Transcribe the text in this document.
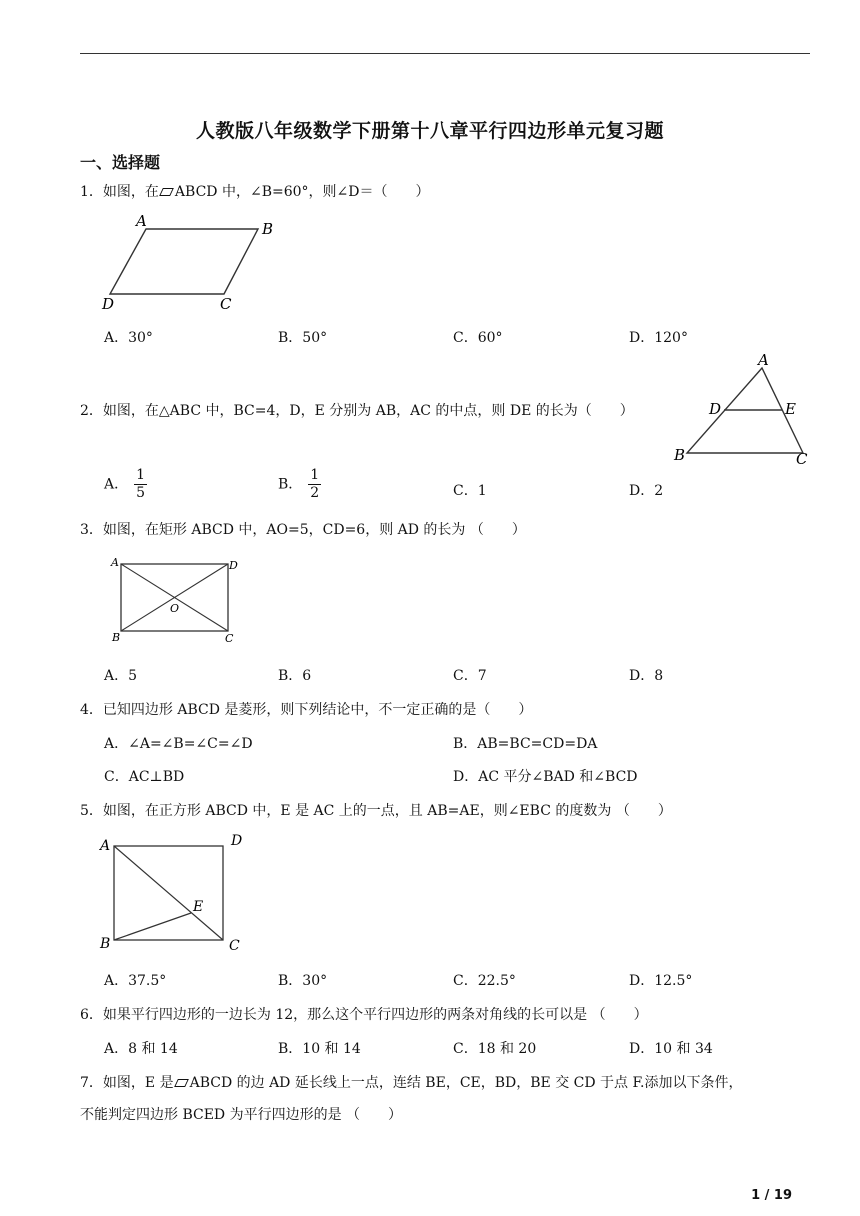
人教版八年级数学下册第十八章平行四边形单元复习题
一、选择题
1．如图，在 ABCD 中，∠B=60°，则∠D＝（　　）
A	B
C
D
A．30°	B．50°	C．60°	D．120°
2．如图，在△ABC 中，BC=4，D，E 分别为 AB，AC 的中点，则 DE 的长为（　　）
A
B	C
D	E
A． $\frac{1}{5}$	B． $\frac{1}{2}$	C．1	D．2
3．如图，在矩形 ABCD 中，AO=5，CD=6，则 AD 的长为 （　　）
A	D
B	C
O
A．5	B．6	C．7	D．8
4．已知四边形 ABCD 是菱形，则下列结论中，不一定正确的是（　　）
A．∠A=∠B=∠C=∠D	B．AB=BC=CD=DA
C．AC⊥BD	D．AC 平分∠BAD 和∠BCD
5．如图，在正方形 ABCD 中，E 是 AC 上的一点，且 AB=AE，则∠EBC 的度数为 （　　）
A	D
B	C
E
A．37.5°	B．30°	C．22.5°	D．12.5°
6．如果平行四边形的一边长为 12，那么这个平行四边形的两条对角线的长可以是 （　　）
A．8 和 14	B．10 和 14	C．18 和 20	D．10 和 34
7．如图，E 是 ABCD 的边 AD 延长线上一点，连结 BE，CE，BD，BE 交 CD 于点 F.添加以下条件，
不能判定四边形 BCED 为平行四边形的是 （　　）
1 / 19
